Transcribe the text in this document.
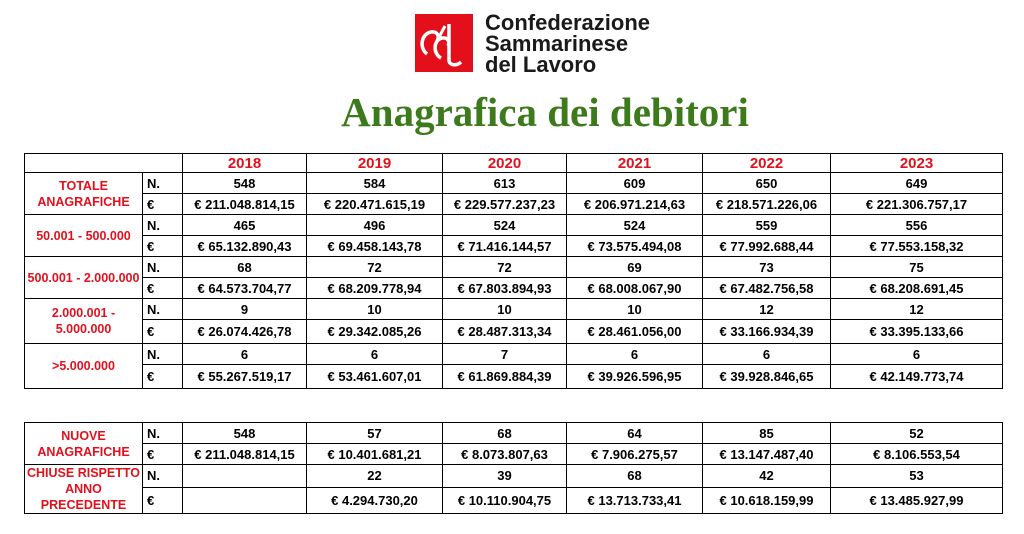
Confederazione
Sammarinese
del Lavoro
Anagrafica dei debitori
		2018	2019	2020	2021	2022	2023
TOTALE ANAGRAFICHE	N.	548	584	613	609	650	649
	€	€ 211.048.814,15	€ 220.471.615,19	€ 229.577.237,23	€ 206.971.214,63	€ 218.571.226,06	€ 221.306.757,17
50.001 - 500.000	N.	465	496	524	524	559	556
	€	€ 65.132.890,43	€ 69.458.143,78	€ 71.416.144,57	€ 73.575.494,08	€ 77.992.688,44	€ 77.553.158,32
500.001 - 2.000.000	N.	68	72	72	69	73	75
	€	€ 64.573.704,77	€ 68.209.778,94	€ 67.803.894,93	€ 68.008.067,90	€ 67.482.756,58	€ 68.208.691,45
2.000.001 - 5.000.000	N.	9	10	10	10	12	12
	€	€ 26.074.426,78	€ 29.342.085,26	€ 28.487.313,34	€ 28.461.056,00	€ 33.166.934,39	€ 33.395.133,66
>5.000.000	N.	6	6	7	6	6	6
	€	€ 55.267.519,17	€ 53.461.607,01	€ 61.869.884,39	€ 39.926.596,95	€ 39.928.846,65	€ 42.149.773,74
NUOVE ANAGRAFICHE	N.	548	57	68	64	85	52
	€	€ 211.048.814,15	€ 10.401.681,21	€ 8.073.807,63	€ 7.906.275,57	€ 13.147.487,40	€ 8.106.553,54
CHIUSE RISPETTO ANNO PRECEDENTE	N.		22	39	68	42	53
	€		€ 4.294.730,20	€ 10.110.904,75	€ 13.713.733,41	€ 10.618.159,99	€ 13.485.927,99
